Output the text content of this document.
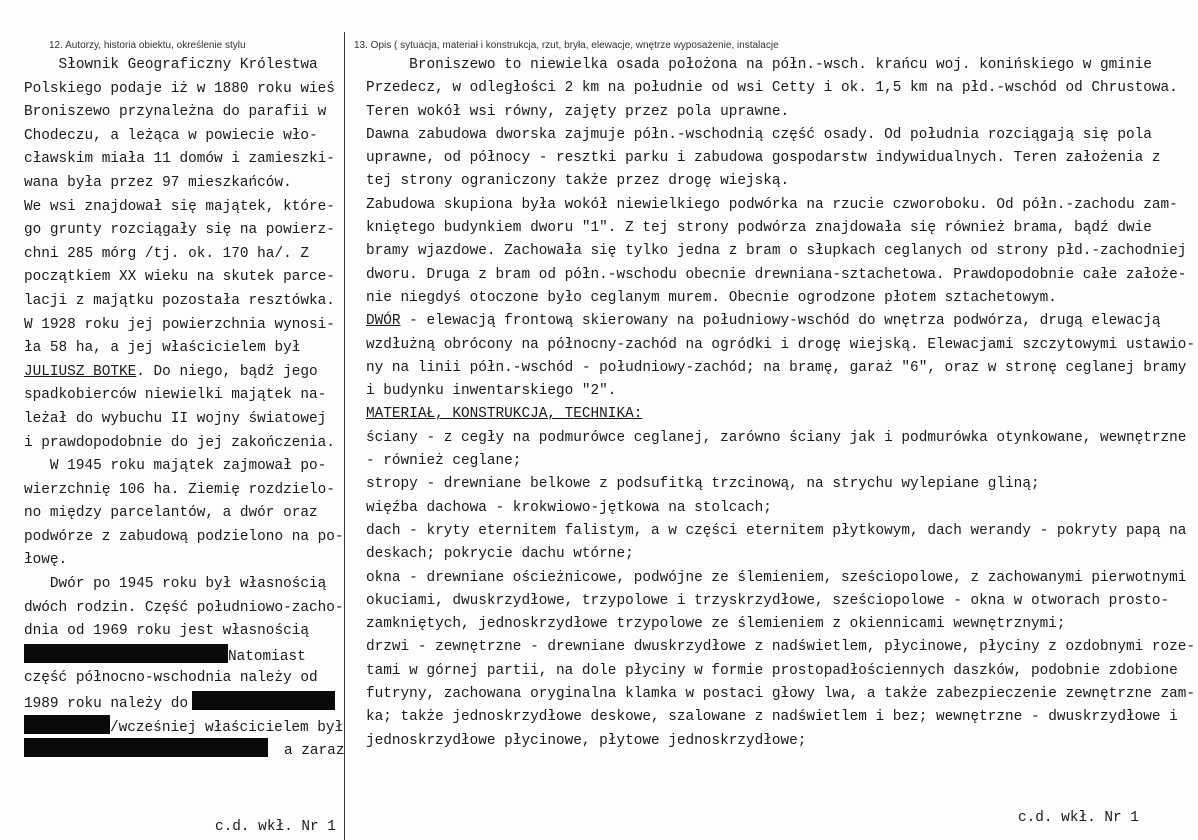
12. Autorzy, historia obiektu, określenie stylu	13. Opis ( sytuacja, materiał i konstrukcja, rzut, bryła, elewacje, wnętrze wyposażenie, instalacje
Słownik Geograficzny Królestwa
Polskiego podaje iż w 1880 roku wieś
Broniszewo przynależna do parafii w
Chodeczu, a leżąca w powiecie wło-
cławskim miała 11 domów i zamieszki-
wana była przez 97 mieszkańców.
We wsi znajdował się majątek, które-
go grunty rozciągały się na powierz-
chni 285 mórg /tj. ok. 170 ha/. Z
początkiem XX wieku na skutek parce-
lacji z majątku pozostała resztówka.
W 1928 roku jej powierzchnia wynosi-
ła 58 ha, a jej właścicielem był
JULIUSZ BOTKE. Do niego, bądź jego
spadkobierców niewielki majątek na-
leżał do wybuchu II wojny światowej
i prawdopodobnie do jej zakończenia.
W 1945 roku majątek zajmował po-
wierzchnię 106 ha. Ziemię rozdzielo-
no między parcelantów, a dwór oraz
podwórze z zabudową podzielono na po-
łowę.
Dwór po 1945 roku był własnością
dwóch rodzin. Część południowo-zacho-
dnia od 1969 roku jest własnością
Natomiast
część północno-wschodnia należy od
1989 roku należy do
/wcześniej właścicielem był
a zaraz
c.d. wkł. Nr 1
Broniszewo to niewielka osada położona na półn.-wsch. krańcu woj. konińskiego w gminie
Przedecz, w odległości 2 km na południe od wsi Cetty i ok. 1,5 km na płd.-wschód od Chrustowa.
Teren wokół wsi równy, zajęty przez pola uprawne.
Dawna zabudowa dworska zajmuje półn.-wschodnią część osady. Od południa rozciągają się pola
uprawne, od północy - resztki parku i zabudowa gospodarstw indywidualnych. Teren założenia z
tej strony ograniczony także przez drogę wiejską.
Zabudowa skupiona była wokół niewielkiego podwórka na rzucie czworoboku. Od półn.-zachodu zam-
kniętego budynkiem dworu "1". Z tej strony podwórza znajdowała się również brama, bądź dwie
bramy wjazdowe. Zachowała się tylko jedna z bram o słupkach ceglanych od strony płd.-zachodniej
dworu. Druga z bram od półn.-wschodu obecnie drewniana-sztachetowa. Prawdopodobnie całe założe-
nie niegdyś otoczone było ceglanym murem. Obecnie ogrodzone płotem sztachetowym.
DWÓR - elewacją frontową skierowany na południowy-wschód do wnętrza podwórza, drugą elewacją
wzdłużną obrócony na północny-zachód na ogródki i drogę wiejską. Elewacjami szczytowymi ustawio-
ny na linii półn.-wschód - południowy-zachód; na bramę, garaż "6", oraz w stronę ceglanej bramy
i budynku inwentarskiego "2".
MATERIAŁ, KONSTRUKCJA, TECHNIKA:
ściany - z cegły na podmurówce ceglanej, zarówno ściany jak i podmurówka otynkowane, wewnętrzne
- również ceglane;
stropy - drewniane belkowe z podsufitką trzcinową, na strychu wylepiane gliną;
więźba dachowa - krokwiowo-jętkowa na stolcach;
dach - kryty eternitem falistym, a w części eternitem płytkowym, dach werandy - pokryty papą na
deskach; pokrycie dachu wtórne;
okna - drewniane ościeżnicowe, podwójne ze ślemieniem, sześciopolowe, z zachowanymi pierwotnymi
okuciami, dwuskrzydłowe, trzypolowe i trzyskrzydłowe, sześciopolowe - okna w otworach prosto-
zamkniętych, jednoskrzydłowe trzypolowe ze ślemieniem z okiennicami wewnętrznymi;
drzwi - zewnętrzne - drewniane dwuskrzydłowe z nadświetlem, płycinowe, płyciny z ozdobnymi roze-
tami w górnej partii, na dole płyciny w formie prostopadłościennych daszków, podobnie zdobione
futryny, zachowana oryginalna klamka w postaci głowy lwa, a także zabezpieczenie zewnętrzne zam-
ka; także jednoskrzydłowe deskowe, szalowane z nadświetlem i bez; wewnętrzne - dwuskrzydłowe i
jednoskrzydłowe płycinowe, płytowe jednoskrzydłowe;
c.d. wkł. Nr 1
